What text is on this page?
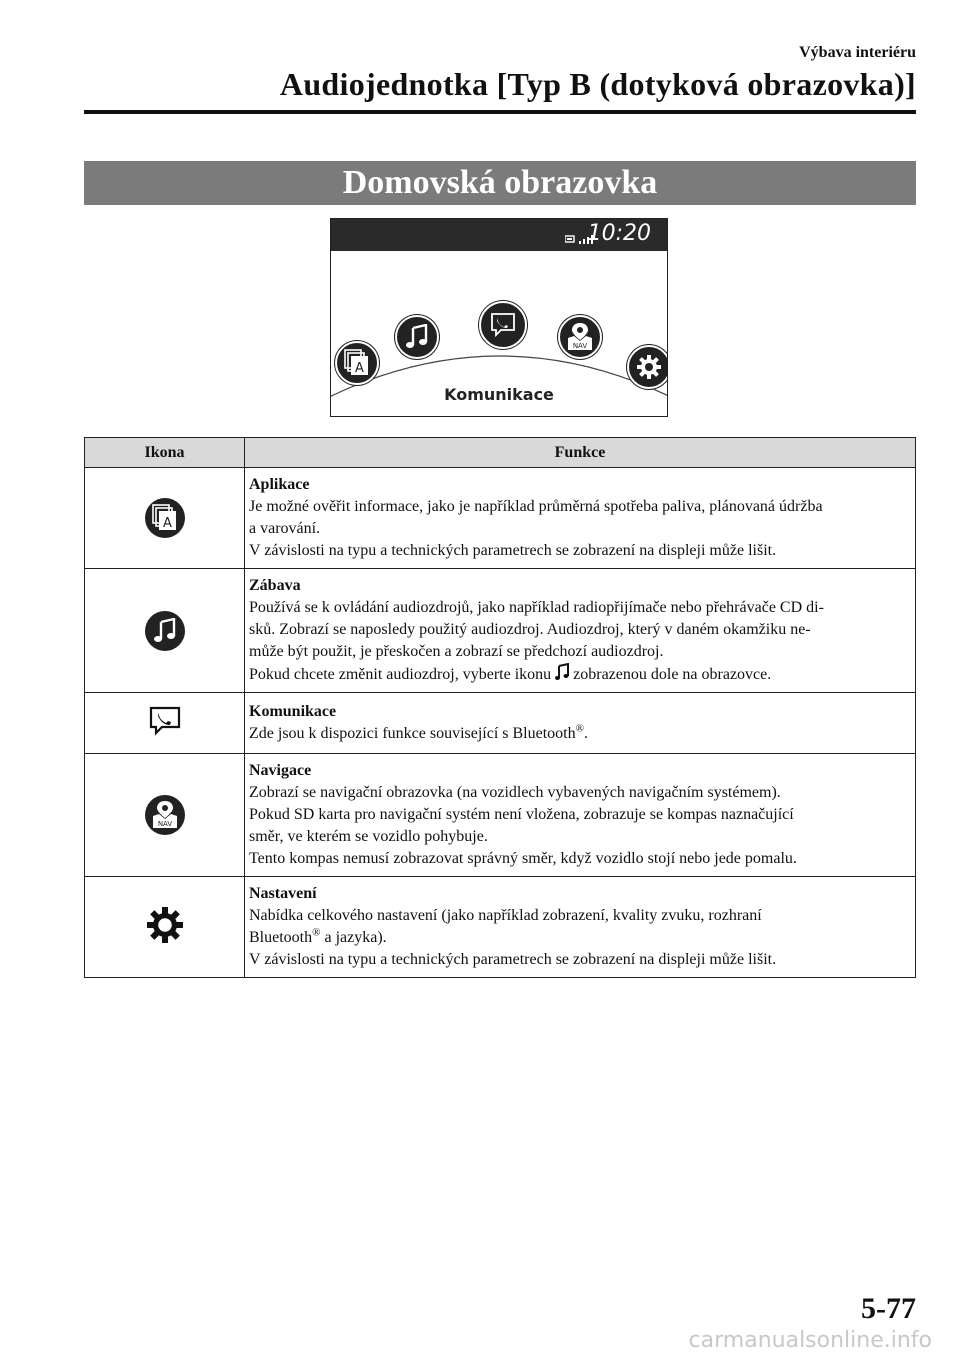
Výbava interiéru
Audiojednotka [Typ B (dotyková obrazovka)]
Domovská obrazovka
10:20
A
NAV
Komunikace
Ikona	Funkce

A	Aplikace
Je možné ověřit informace, jako je například průměrná spotřeba paliva, plánovaná údržba
a varování.
V závislosti na typu a technických parametrech se zobrazení na displeji může lišit.

Zábava
Používá se k ovládání audiozdrojů, jako například radiopřijímače nebo přehrávače CD di-
sků. Zobrazí se naposledy použitý audiozdroj. Audiozdroj, který v daném okamžiku ne-
může být použit, je přeskočen a zobrazí se předchozí audiozdroj.
Pokud chcete změnit audiozdroj, vyberte ikonu zobrazenou dole na obrazovce.

Komunikace
Zde jsou k dispozici funkce související s Bluetooth®.

NAV	Navigace
Zobrazí se navigační obrazovka (na vozidlech vybavených navigačním systémem).
Pokud SD karta pro navigační systém není vložena, zobrazuje se kompas naznačující
směr, ve kterém se vozidlo pohybuje.
Tento kompas nemusí zobrazovat správný směr, když vozidlo stojí nebo jede pomalu.

Nastavení
Nabídka celkového nastavení (jako například zobrazení, kvality zvuku, rozhraní
Bluetooth® a jazyka).
V závislosti na typu a technických parametrech se zobrazení na displeji může lišit.
5-77
carmanualsonline.info
